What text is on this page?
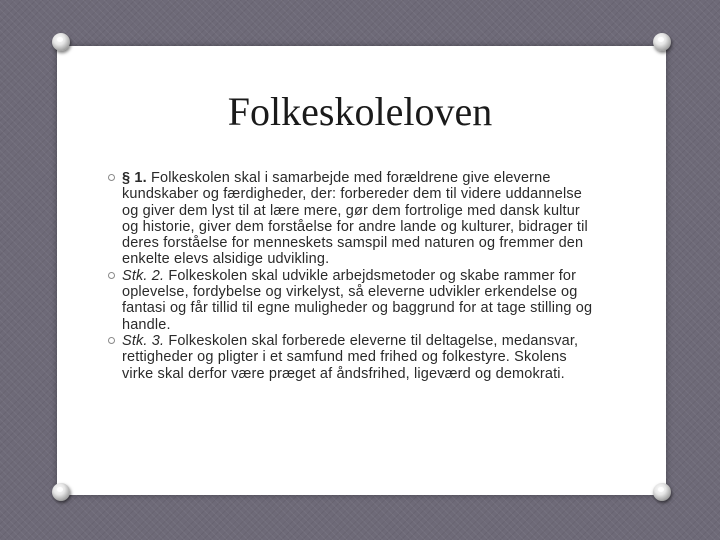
Folkeskoleloven
§ 1. Folkeskolen skal i samarbejde med forældrene give eleverne kundskaber og færdigheder, der: forbereder dem til videre uddannelse og giver dem lyst til at lære mere, gør dem fortrolige med dansk kultur og historie, giver dem forståelse for andre lande og kulturer, bidrager til deres forståelse for menneskets samspil med naturen og fremmer den enkelte elevs alsidige udvikling.
Stk. 2. Folkeskolen skal udvikle arbejdsmetoder og skabe rammer for oplevelse, fordybelse og virkelyst, så eleverne udvikler erkendelse og fantasi og får tillid til egne muligheder og baggrund for at tage stilling og handle.
Stk. 3. Folkeskolen skal forberede eleverne til deltagelse, medansvar, rettigheder og pligter i et samfund med frihed og folkestyre. Skolens virke skal derfor være præget af åndsfrihed, ligeværd og demokrati.
